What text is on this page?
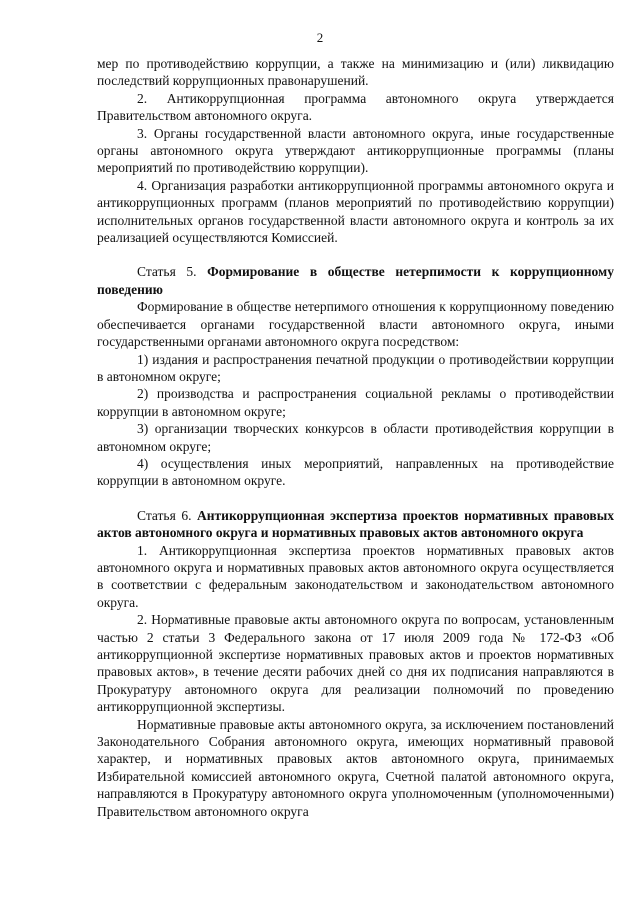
2

мер по противодействию коррупции, а также на минимизацию и (или) ликвидацию последствий коррупционных правонарушений.

2. Антикоррупционная программа автономного округа утверждается Правительством автономного округа.

3. Органы государственной власти автономного округа, иные государственные органы автономного округа утверждают антикоррупционные программы (планы мероприятий по противодействию коррупции).

4. Организация разработки антикоррупционной программы автономного округа и антикоррупционных программ (планов мероприятий по противодействию коррупции) исполнительных органов государственной власти автономного округа и контроль за их реализацией осуществляются Комиссией.

Статья 5. Формирование в обществе нетерпимости к коррупционному поведению

Формирование в обществе нетерпимого отношения к коррупционному поведению обеспечивается органами государственной власти автономного округа, иными государственными органами автономного округа посредством:

1) издания и распространения печатной продукции о противодействии коррупции в автономном округе;

2) производства и распространения социальной рекламы о противодействии коррупции в автономном округе;

3) организации творческих конкурсов в области противодействия коррупции в автономном округе;

4) осуществления иных мероприятий, направленных на противодействие коррупции в автономном округе.

Статья 6. Антикоррупционная экспертиза проектов нормативных правовых актов автономного округа и нормативных правовых актов автономного округа

1. Антикоррупционная экспертиза проектов нормативных правовых актов автономного округа и нормативных правовых актов автономного округа осуществляется в соответствии с федеральным законодательством и законодательством автономного округа.

2. Нормативные правовые акты автономного округа по вопросам, установленным частью 2 статьи 3 Федерального закона от 17 июля 2009 года № 172-ФЗ «Об антикоррупционной экспертизе нормативных правовых актов и проектов нормативных правовых актов», в течение десяти рабочих дней со дня их подписания направляются в Прокуратуру автономного округа для реализации полномочий по проведению антикоррупционной экспертизы.

Нормативные правовые акты автономного округа, за исключением постановлений Законодательного Собрания автономного округа, имеющих нормативный правовой характер, и нормативных правовых актов автономного округа, принимаемых Избирательной комиссией автономного округа, Счетной палатой автономного округа, направляются в Прокуратуру автономного округа уполномоченным (уполномоченными) Правительством автономного округа
